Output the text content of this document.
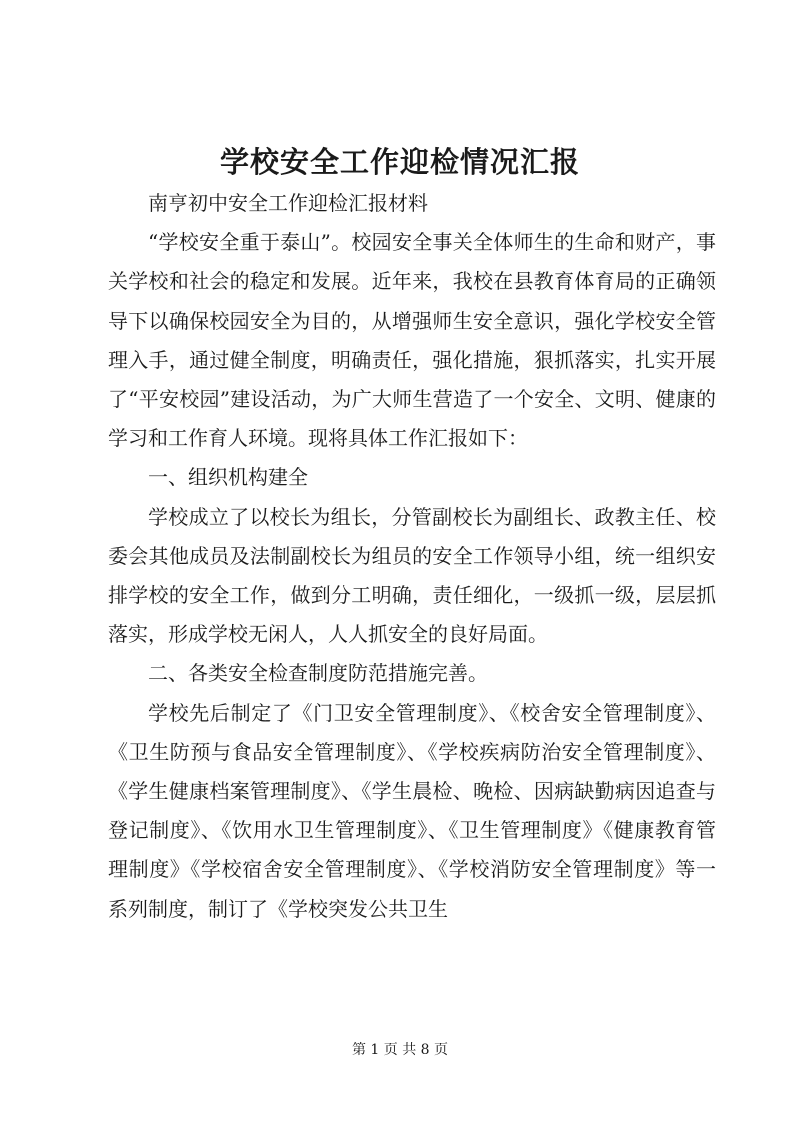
学校安全工作迎检情况汇报

南亨初中安全工作迎检汇报材料

“学校安全重于泰山”。校园安全事关全体师生的生命和财产，事关学校和社会的稳定和发展。近年来，我校在县教育体育局的正确领导下以确保校园安全为目的，从增强师生安全意识，强化学校安全管理入手，通过健全制度，明确责任，强化措施，狠抓落实，扎实开展了“平安校园”建设活动，为广大师生营造了一个安全、文明、健康的学习和工作育人环境。现将具体工作汇报如下：

一、组织机构建全

学校成立了以校长为组长，分管副校长为副组长、政教主任、校委会其他成员及法制副校长为组员的安全工作领导小组，统一组织安排学校的安全工作，做到分工明确，责任细化，一级抓一级，层层抓落实，形成学校无闲人，人人抓安全的良好局面。

二、各类安全检查制度防范措施完善。

学校先后制定了《门卫安全管理制度》、《校舍安全管理制度》、《卫生防预与食品安全管理制度》、《学校疾病防治安全管理制度》、《学生健康档案管理制度》、《学生晨检、晚检、因病缺勤病因追查与登记制度》、《饮用水卫生管理制度》、《卫生管理制度》《健康教育管理制度》《学校宿舍安全管理制度》、《学校消防安全管理制度》等一系列制度，制订了《学校突发公共卫生

第 1 页 共 8 页
